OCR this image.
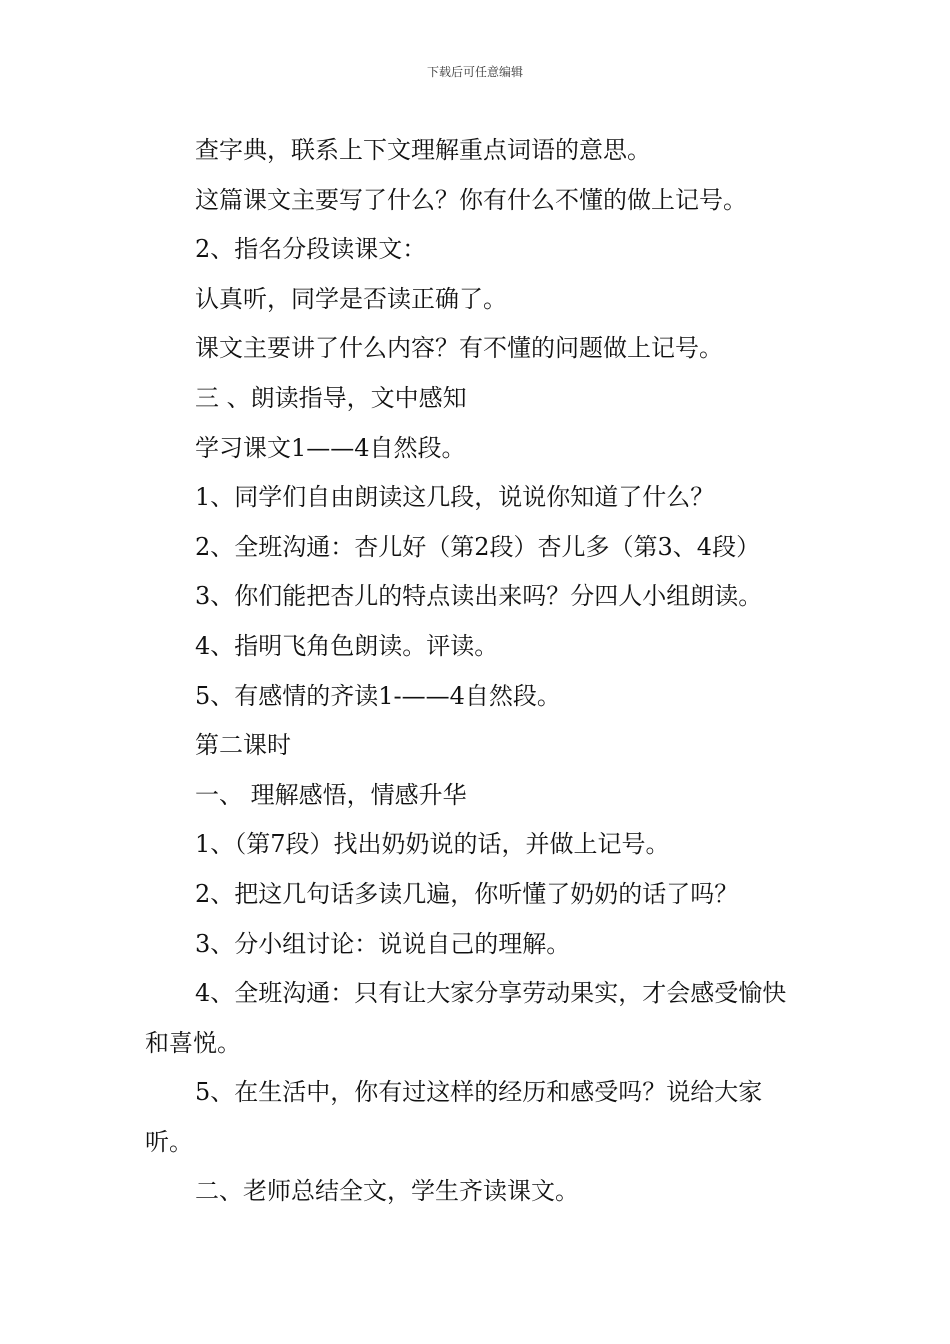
下载后可任意编辑

查字典，联系上下文理解重点词语的意思。

这篇课文主要写了什么？你有什么不懂的做上记号。

2、指名分段读课文：

认真听，同学是否读正确了。

课文主要讲了什么内容？有不懂的问题做上记号。

三 、朗读指导，文中感知

学习课文1——4自然段。

1、同学们自由朗读这几段，说说你知道了什么？

2、全班沟通：杏儿好（第2段）杏儿多（第3、4段）

3、你们能把杏儿的特点读出来吗？分四人小组朗读。

4、指明飞角色朗读。评读。

5、有感情的齐读1-——4自然段。

第二课时

一、 理解感悟，情感升华

1、（第7段）找出奶奶说的话，并做上记号。

2、把这几句话多读几遍，你听懂了奶奶的话了吗？

3、分小组讨论：说说自己的理解。

4、全班沟通：只有让大家分享劳动果实，才会感受愉快和喜悦。

5、在生活中，你有过这样的经历和感受吗？说给大家听。

二、老师总结全文，学生齐读课文。
